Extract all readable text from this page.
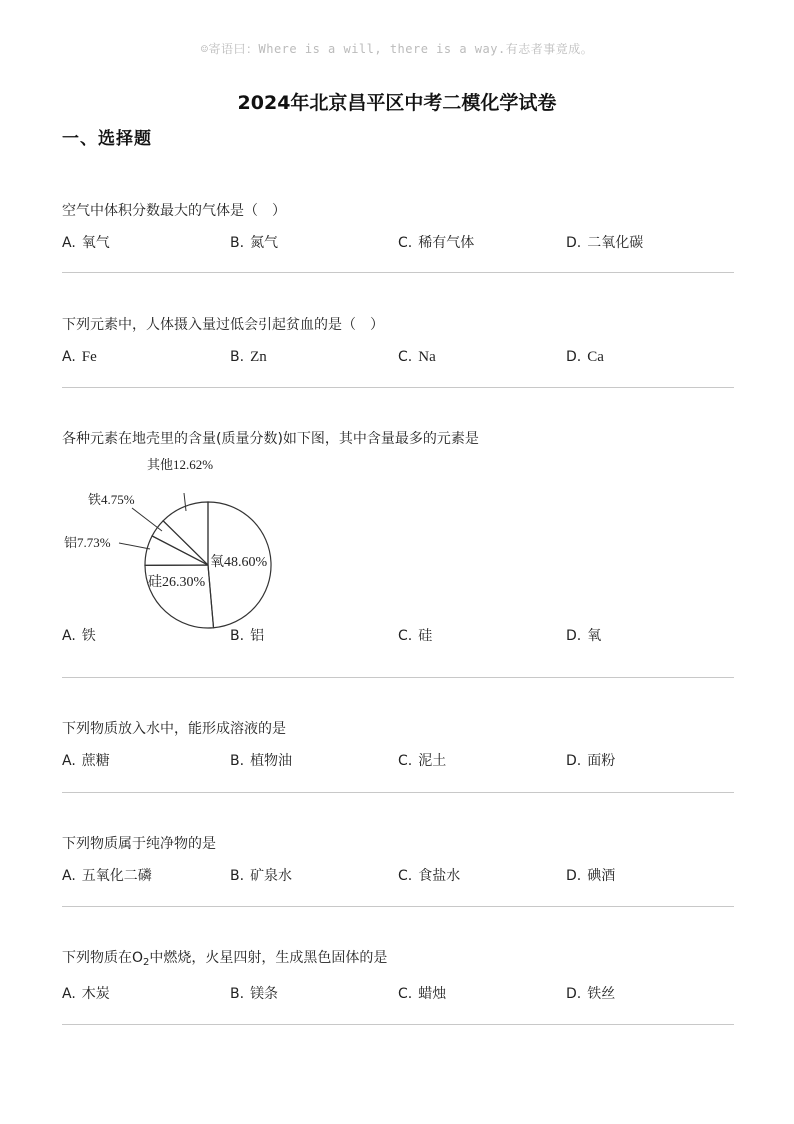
☺寄语曰：Where is a will, there is a way.有志者事竟成。
2024年北京昌平区中考二模化学试卷
一、选择题
空气中体积分数最大的气体是（　）
A. 氧气	B. 氮气	C. 稀有气体	D. 二氧化碳
下列元素中，人体摄入量过低会引起贫血的是（　）
A. Fe	B. Zn	C. Na	D. Ca
各种元素在地壳里的含量(质量分数)如下图，其中含量最多的元素是
其他12.62%
铁4.75%
铝7.73%
氧48.60%
硅26.30%
A. 铁	B. 铝	C. 硅	D. 氧
下列物质放入水中，能形成溶液的是
A. 蔗糖	B. 植物油	C. 泥土	D. 面粉
下列物质属于纯净物的是
A. 五氧化二磷	B. 矿泉水	C. 食盐水	D. 碘酒
下列物质在$O_2$中燃烧，火星四射，生成黑色固体的是
A. 木炭	B. 镁条	C. 蜡烛	D. 铁丝
